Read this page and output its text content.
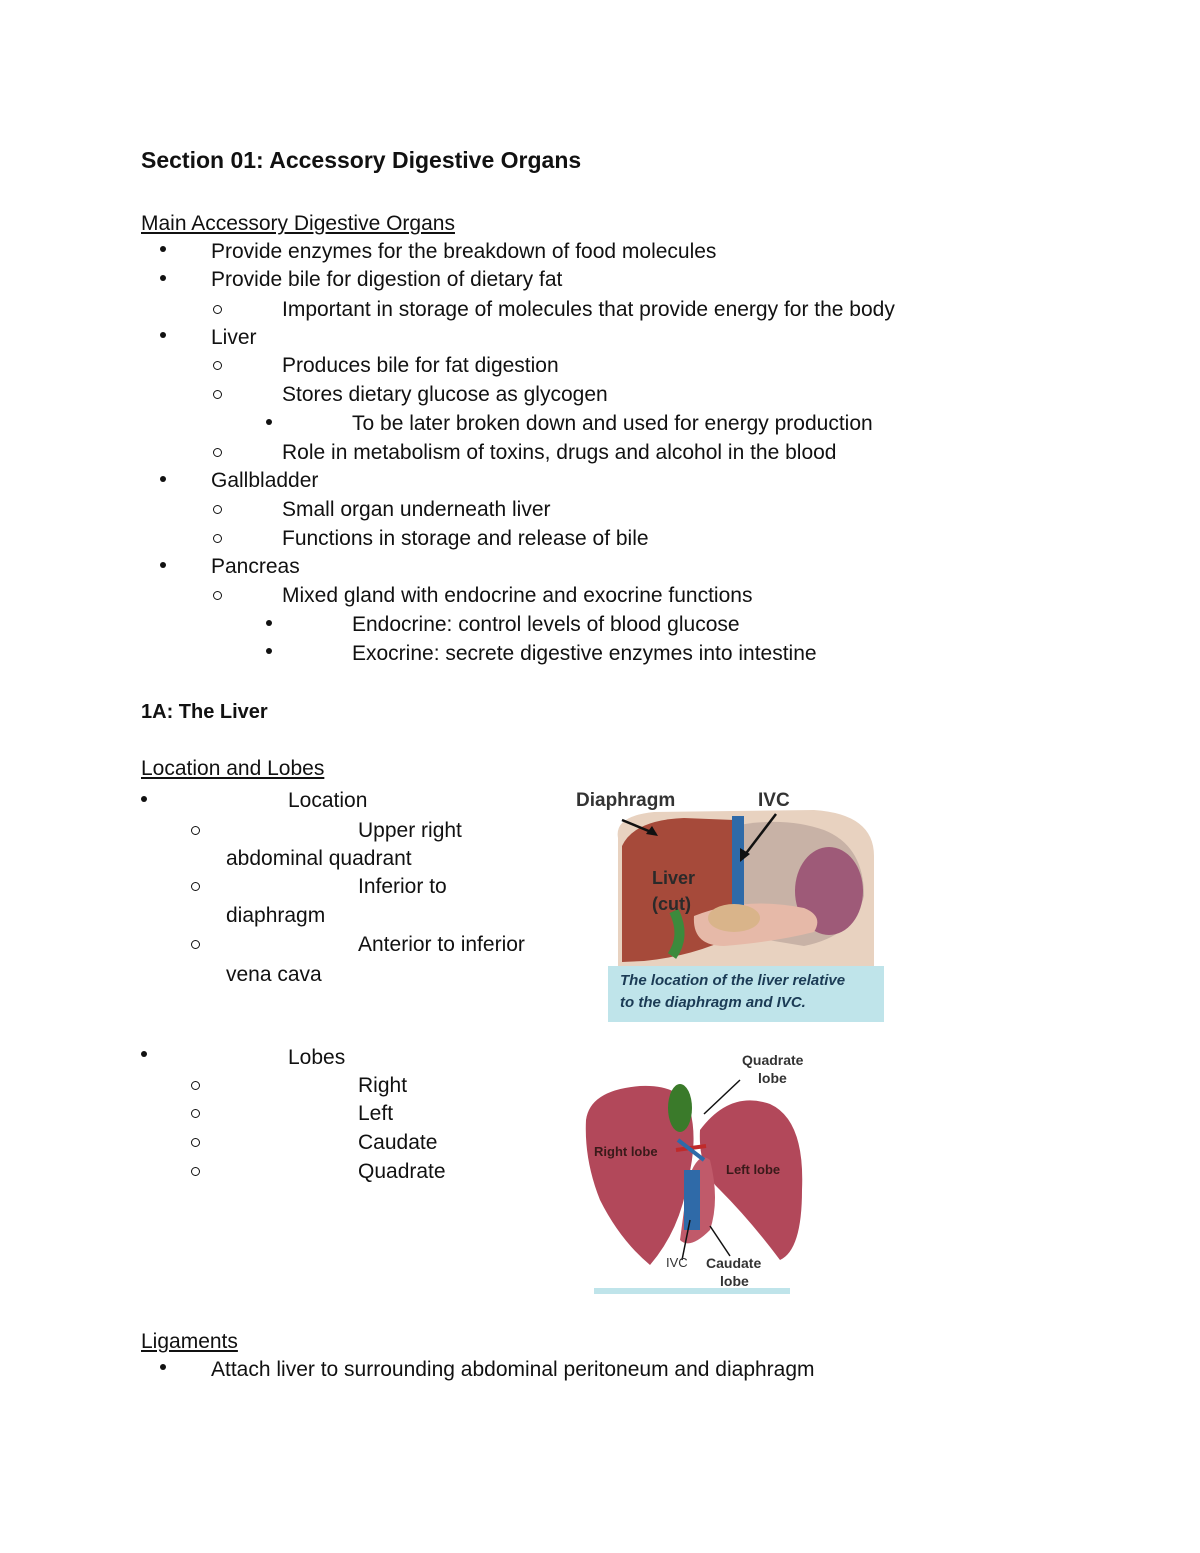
Section 01: Accessory Digestive Organs
Main Accessory Digestive Organs
Provide enzymes for the breakdown of food molecules
Provide bile for digestion of dietary fat
Important in storage of molecules that provide energy for the body
Liver
Produces bile for fat digestion
Stores dietary glucose as glycogen
To be later broken down and used for energy production
Role in metabolism of toxins, drugs and alcohol in the blood
Gallbladder
Small organ underneath liver
Functions in storage and release of bile
Pancreas
Mixed gland with endocrine and exocrine functions
Endocrine: control levels of blood glucose
Exocrine: secrete digestive enzymes into intestine
1A: The Liver
Location and Lobes
Location
Upper right
abdominal quadrant
Inferior to
diaphragm
Anterior to inferior
vena cava
Lobes
Right
Left
Caudate
Quadrate
Diaphragm	IVC
Liver
(cut)
The location of the liver relative
to the diaphragm and IVC.
Quadrate
lobe
Right lobe
Left lobe
IVC Caudate
lobe
Ligaments
Attach liver to surrounding abdominal peritoneum and diaphragm
